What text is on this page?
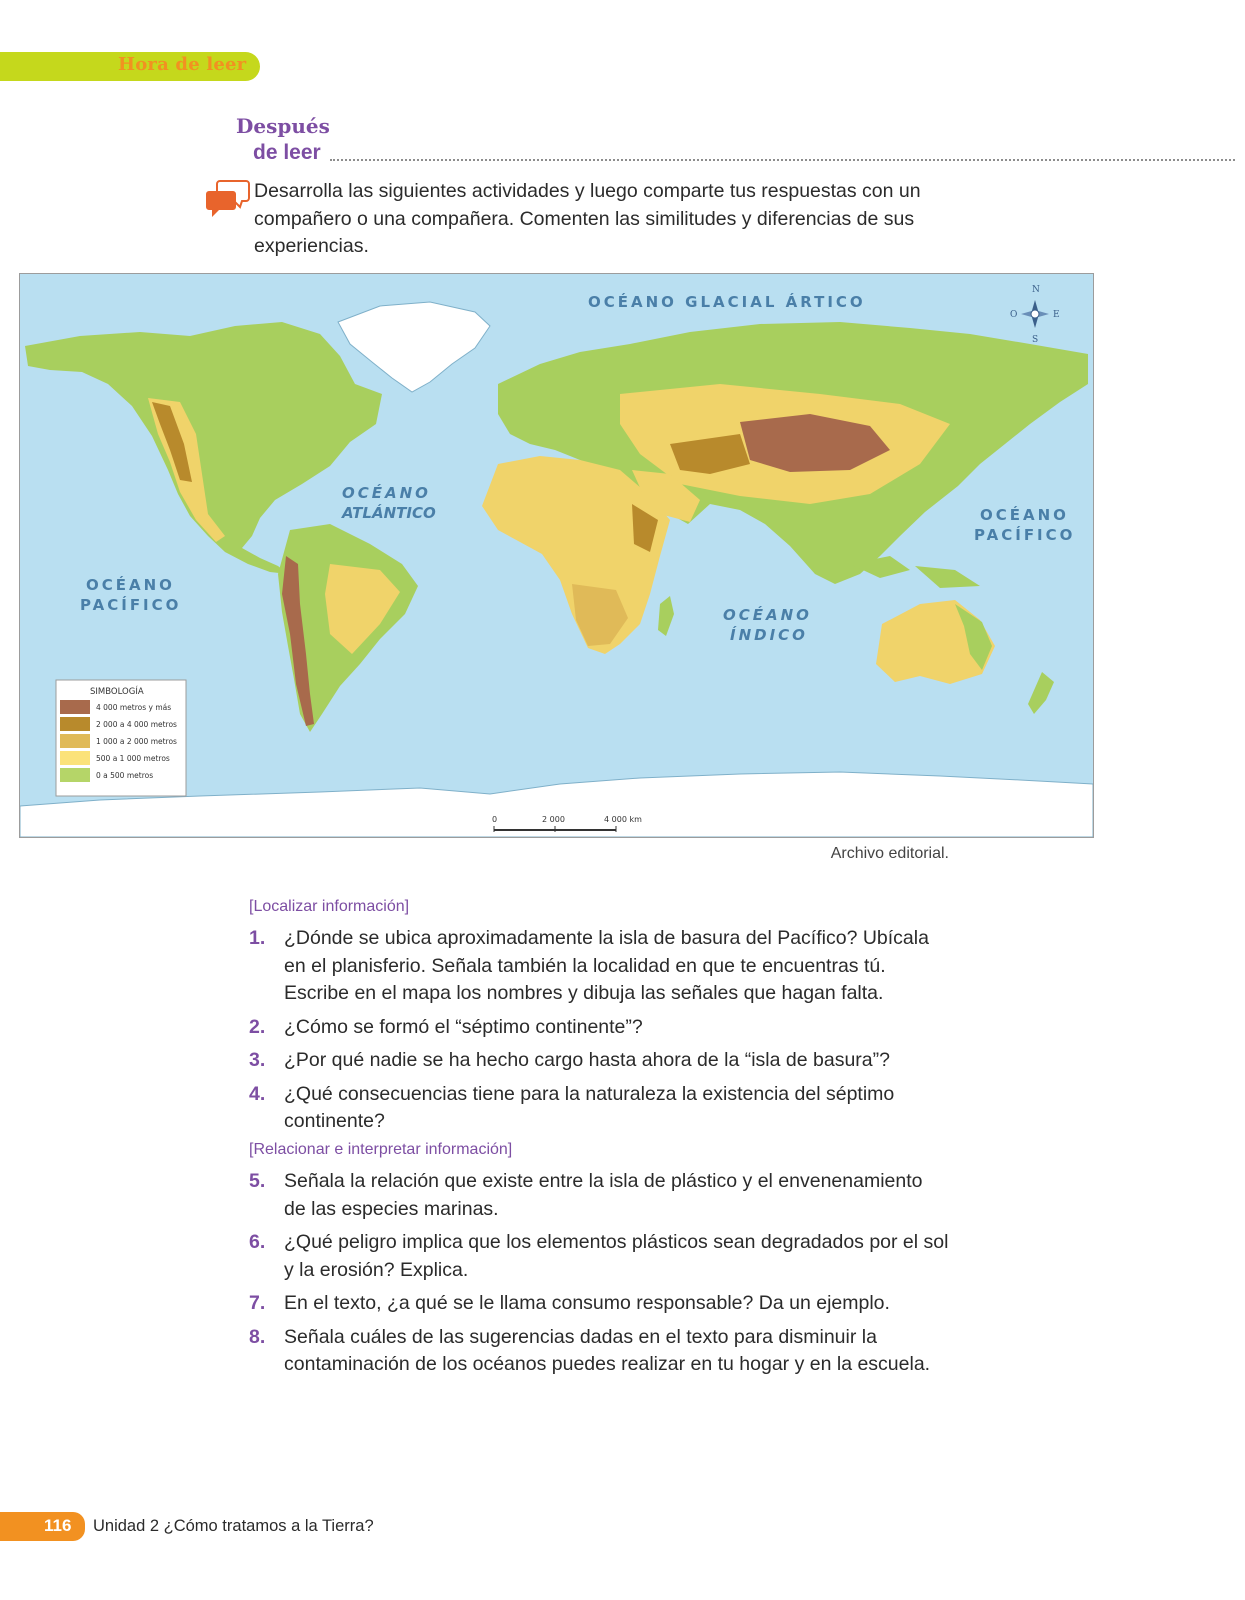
Hora de leer
Después
de leer
Desarrolla las siguientes actividades y luego comparte tus respuestas con un compañero o una compañera. Comenten las similitudes y diferencias de sus experiencias.
OCÉANO GLACIAL ÁRTICO
OCÉANO
ATLÁNTICO
OCÉANO
PACÍFICO
OCÉANO
PACÍFICO
OCÉANO
ÍNDICO
N
S
E
O
SIMBOLOGÍA
4 000 metros y más
2 000 a 4 000 metros
1 000 a 2 000 metros
500 a 1 000 metros
0 a 500 metros
0	2 000	4 000 km
Archivo editorial.
[Localizar información]
1. ¿Dónde se ubica aproximadamente la isla de basura del Pacífico? Ubícala en el planisferio. Señala también la localidad en que te encuentras tú. Escribe en el mapa los nombres y dibuja las señales que hagan falta.
2. ¿Cómo se formó el “séptimo continente”?
3. ¿Por qué nadie se ha hecho cargo hasta ahora de la “isla de basura”?
4. ¿Qué consecuencias tiene para la naturaleza la existencia del séptimo continente?
[Relacionar e interpretar información]
5. Señala la relación que existe entre la isla de plástico y el envenenamiento de las especies marinas.
6. ¿Qué peligro implica que los elementos plásticos sean degradados por el sol y la erosión? Explica.
7. En el texto, ¿a qué se le llama consumo responsable? Da un ejemplo.
8. Señala cuáles de las sugerencias dadas en el texto para disminuir la contaminación de los océanos puedes realizar en tu hogar y en la escuela.
116 Unidad 2 ¿Cómo tratamos a la Tierra?
